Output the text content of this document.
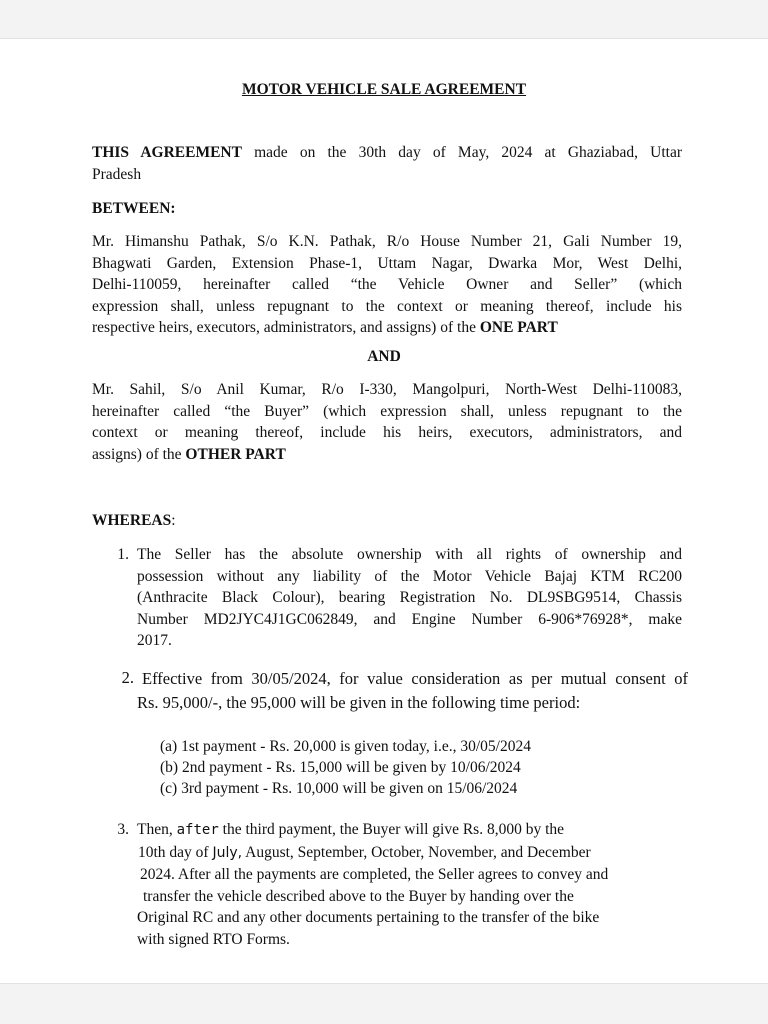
MOTOR VEHICLE SALE AGREEMENT
THIS AGREEMENT made on the 30th day of May, 2024 at Ghaziabad, Uttar
Pradesh
BETWEEN:
Mr. Himanshu Pathak, S/o K.N. Pathak, R/o House Number 21, Gali Number 19,
Bhagwati Garden, Extension Phase-1, Uttam Nagar, Dwarka Mor, West Delhi,
Delhi-110059, hereinafter called “the Vehicle Owner and Seller” (which
expression shall, unless repugnant to the context or meaning thereof, include his
respective heirs, executors, administrators, and assigns) of the ONE PART
AND
Mr. Sahil, S/o Anil Kumar, R/o I-330, Mangolpuri, North-West Delhi-110083,
hereinafter called “the Buyer” (which expression shall, unless repugnant to the
context or meaning thereof, include his heirs, executors, administrators, and
assigns) of the OTHER PART
WHEREAS:
1. The Seller has the absolute ownership with all rights of ownership and
possession without any liability of the Motor Vehicle Bajaj KTM RC200
(Anthracite Black Colour), bearing Registration No. DL9SBG9514, Chassis
Number MD2JYC4J1GC062849, and Engine Number 6-906*76928*, make
2017.
2. Effective from 30/05/2024, for value consideration as per mutual consent of
Rs. 95,000/-, the 95,000 will be given in the following time period:
(a) 1st payment - Rs. 20,000 is given today, i.e., 30/05/2024
(b) 2nd payment - Rs. 15,000 will be given by 10/06/2024
(c) 3rd payment - Rs. 10,000 will be given on 15/06/2024
3. Then, after the third payment, the Buyer will give Rs. 8,000 by the
10th day of July, August, September, October, November, and December
2024. After all the payments are completed, the Seller agrees to convey and
transfer the vehicle described above to the Buyer by handing over the
Original RC and any other documents pertaining to the transfer of the bike
with signed RTO Forms.
